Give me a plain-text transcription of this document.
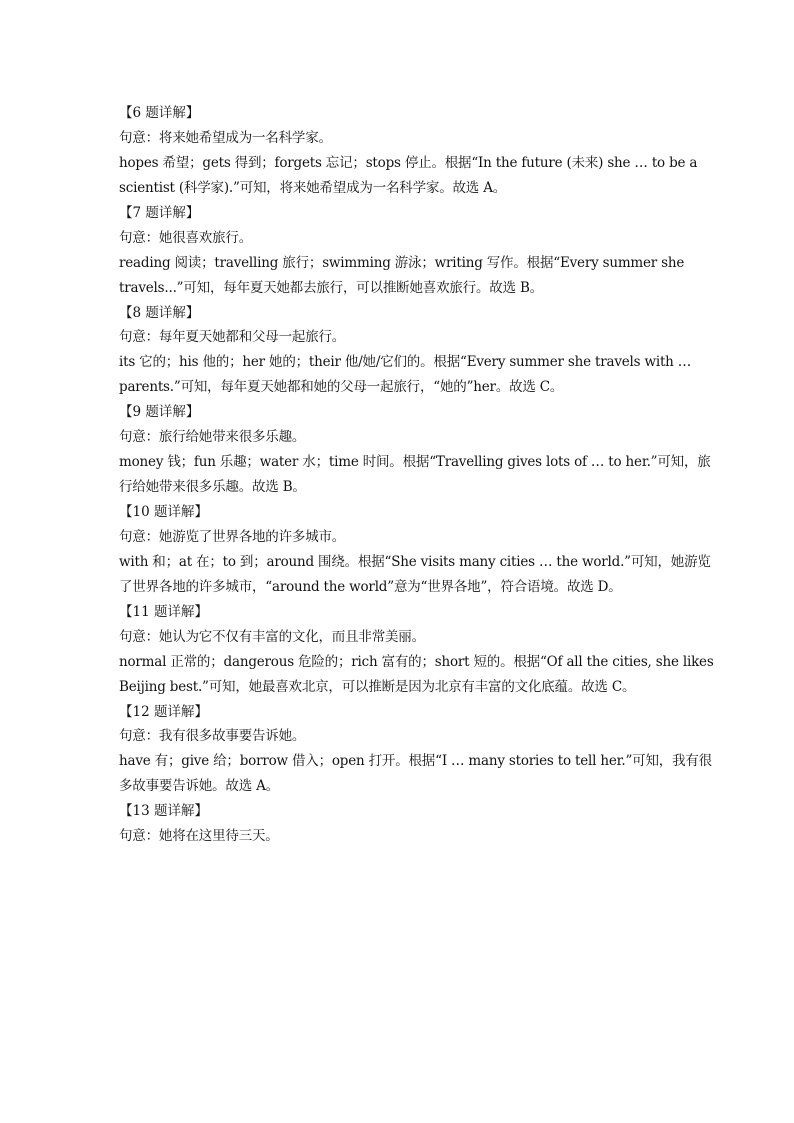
【6 题详解】

句意：将来她希望成为一名科学家。

hopes 希望；gets 得到；forgets 忘记；stops 停止。根据“In the future (未来) she … to be a

scientist (科学家).”可知，将来她希望成为一名科学家。故选 A。

【7 题详解】

句意：她很喜欢旅行。

reading 阅读；travelling 旅行；swimming 游泳；writing 写作。根据“Every summer she

travels...”可知，每年夏天她都去旅行，可以推断她喜欢旅行。故选 B。

【8 题详解】

句意：每年夏天她都和父母一起旅行。

its 它的；his 他的；her 她的；their 他/她/它们的。根据“Every summer she travels with …

parents.”可知，每年夏天她都和她的父母一起旅行，“她的”her。故选 C。

【9 题详解】

句意：旅行给她带来很多乐趣。

money 钱；fun 乐趣；water 水；time 时间。根据“Travelling gives lots of … to her.”可知，旅

行给她带来很多乐趣。故选 B。

【10 题详解】

句意：她游览了世界各地的许多城市。

with 和；at 在；to 到；around 围绕。根据“She visits many cities … the world.”可知，她游览

了世界各地的许多城市，“around the world”意为“世界各地”，符合语境。故选 D。

【11 题详解】

句意：她认为它不仅有丰富的文化，而且非常美丽。

normal 正常的；dangerous 危险的；rich 富有的；short 短的。根据“Of all the cities, she likes

Beijing best.”可知，她最喜欢北京，可以推断是因为北京有丰富的文化底蕴。故选 C。

【12 题详解】

句意：我有很多故事要告诉她。

have 有；give 给；borrow 借入；open 打开。根据“I … many stories to tell her.”可知，我有很

多故事要告诉她。故选 A。

【13 题详解】

句意：她将在这里待三天。
